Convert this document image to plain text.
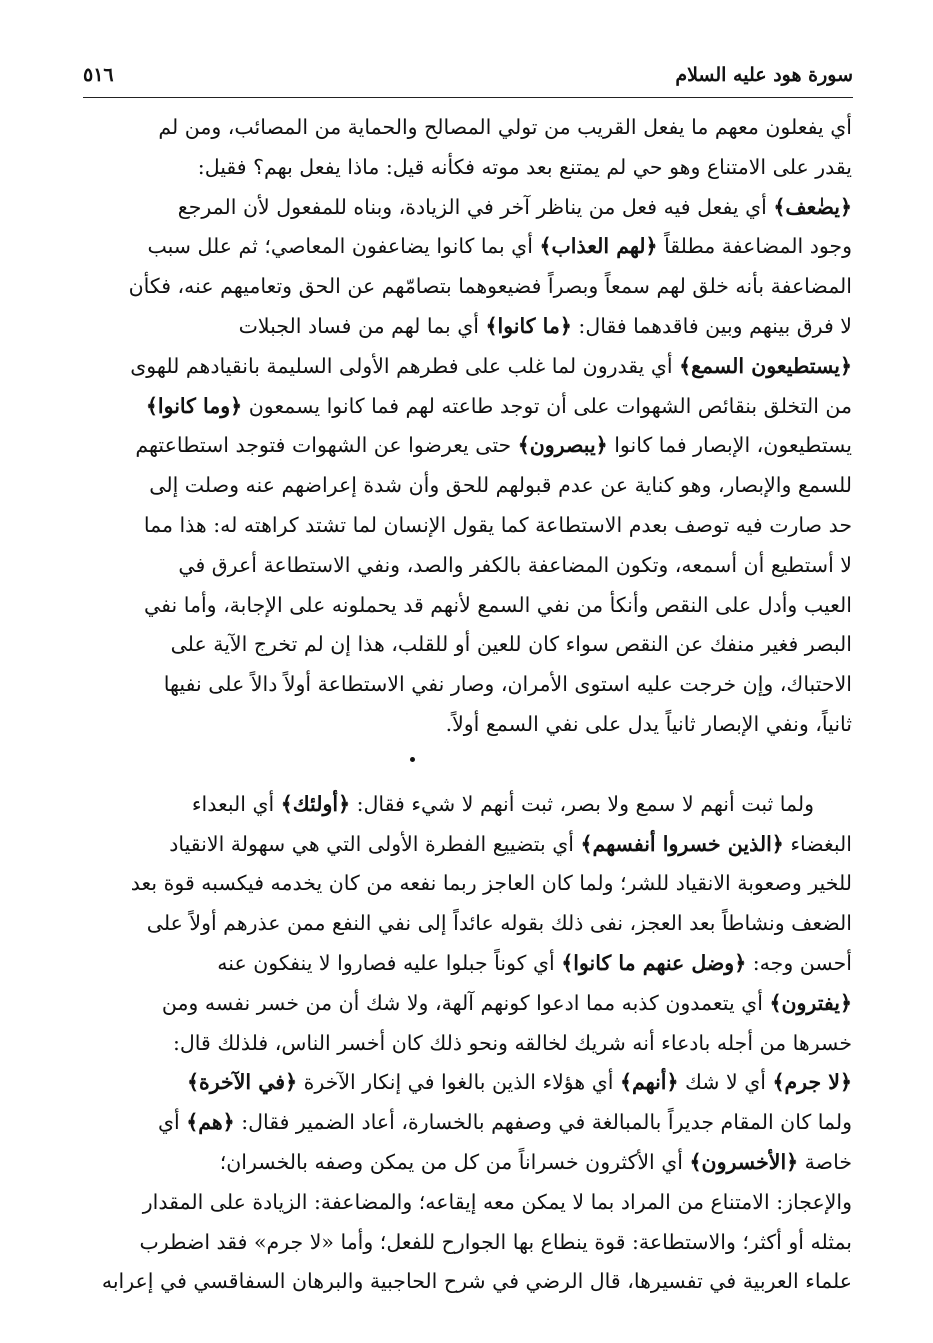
سورة هود عليه السلام
٥١٦
أي يفعلون معهم ما يفعل القريب من تولي المصالح والحماية من المصائب، ومن لم
يقدر على الامتناع وهو حي لم يمتنع بعد موته فكأنه قيل: ماذا يفعل بهم؟ فقيل:
﴿يضٰعف﴾ أي يفعل فيه فعل من يناظر آخر في الزيادة، وبناه للمفعول لأن المرجع
وجود المضاعفة مطلقاً ﴿لهم العذاب﴾ أي بما كانوا يضاعفون المعاصي؛ ثم علل سبب
المضاعفة بأنه خلق لهم سمعاً وبصراً فضيعوهما بتصامّهم عن الحق وتعاميهم عنه، فكأن
لا فرق بينهم وبين فاقدهما فقال: ﴿ما كانوا﴾ أي بما لهم من فساد الجبلات
﴿يستطيعون السمع﴾ أي يقدرون لما غلب على فطرهم الأولى السليمة بانقيادهم للهوى
من التخلق بنقائص الشهوات على أن توجد طاعته لهم فما كانوا يسمعون ﴿وما كانوا﴾
يستطيعون، الإبصار فما كانوا ﴿يبصرون﴾ حتى يعرضوا عن الشهوات فتوجد استطاعتهم
للسمع والإبصار، وهو كناية عن عدم قبولهم للحق وأن شدة إعراضهم عنه وصلت إلى
حد صارت فيه توصف بعدم الاستطاعة كما يقول الإنسان لما تشتد كراهته له: هذا مما
لا أستطيع أن أسمعه، وتكون المضاعفة بالكفر والصد، ونفي الاستطاعة أعرق في
العيب وأدل على النقص وأنكأ من نفي السمع لأنهم قد يحملونه على الإجابة، وأما نفي
البصر فغير منفك عن النقص سواء كان للعين أو للقلب، هذا إن لم تخرج الآية على
الاحتباك، وإن خرجت عليه استوى الأمران، وصار نفي الاستطاعة أولاً دالاً على نفيها
ثانياً، ونفي الإبصار ثانياً يدل على نفي السمع أولاً.
ولما ثبت أنهم لا سمع ولا بصر، ثبت أنهم لا شيء فقال: ﴿أولئك﴾ أي البعداء
البغضاء ﴿الذين خسروا أنفسهم﴾ أي بتضييع الفطرة الأولى التي هي سهولة الانقياد
للخير وصعوبة الانقياد للشر؛ ولما كان العاجز ربما نفعه من كان يخدمه فيكسبه قوة بعد
الضعف ونشاطاً بعد العجز، نفى ذلك بقوله عائداً إلى نفي النفع ممن عذرهم أولاً على
أحسن وجه: ﴿وضل عنهم ما كانوا﴾ أي كوناً جبلوا عليه فصاروا لا ينفكون عنه
﴿يفترون﴾ أي يتعمدون كذبه مما ادعوا كونهم آلهة، ولا شك أن من خسر نفسه ومن
خسرها من أجله بادعاء أنه شريك لخالقه ونحو ذلك كان أخسر الناس، فلذلك قال:
﴿لا جرم﴾ أي لا شك ﴿أنهم﴾ أي هؤلاء الذين بالغوا في إنكار الآخرة ﴿في الآخرة﴾
ولما كان المقام جديراً بالمبالغة في وصفهم بالخسارة، أعاد الضمير فقال: ﴿هم﴾ أي
خاصة ﴿الأخسرون﴾ أي الأكثرون خسراناً من كل من يمكن وصفه بالخسران؛
والإعجاز: الامتناع من المراد بما لا يمكن معه إيقاعه؛ والمضاعفة: الزيادة على المقدار
بمثله أو أكثر؛ والاستطاعة: قوة ينطاع بها الجوارح للفعل؛ وأما «لا جرم» فقد اضطرب
علماء العربية في تفسيرها، قال الرضي في شرح الحاجبية والبرهان السفاقسي في إعرابه
